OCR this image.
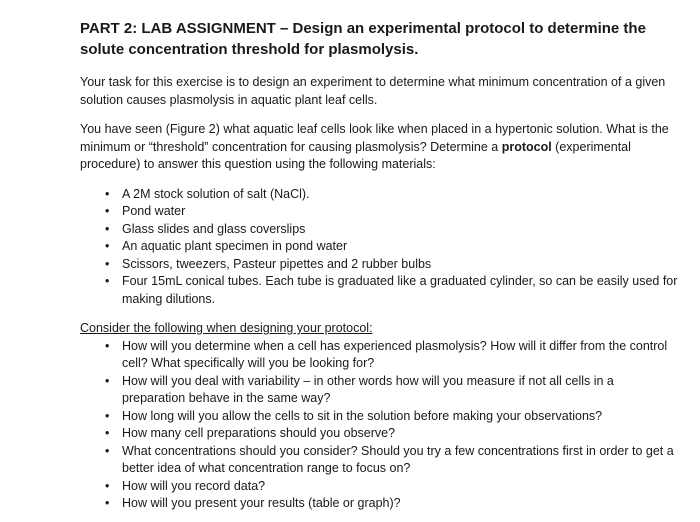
PART 2: LAB ASSIGNMENT – Design an experimental protocol to determine the solute concentration threshold for plasmolysis.

Your task for this exercise is to design an experiment to determine what minimum concentration of a given solution causes plasmolysis in aquatic plant leaf cells.

You have seen (Figure 2) what aquatic leaf cells look like when placed in a hypertonic solution. What is the minimum or “threshold” concentration for causing plasmolysis? Determine a protocol (experimental procedure) to answer this question using the following materials:

• A 2M stock solution of salt (NaCl).
• Pond water
• Glass slides and glass coverslips
• An aquatic plant specimen in pond water
• Scissors, tweezers, Pasteur pipettes and 2 rubber bulbs
• Four 15mL conical tubes. Each tube is graduated like a graduated cylinder, so can be easily used for making dilutions.

Consider the following when designing your protocol:

• How will you determine when a cell has experienced plasmolysis? How will it differ from the control cell? What specifically will you be looking for?
• How will you deal with variability – in other words how will you measure if not all cells in a preparation behave in the same way?
• How long will you allow the cells to sit in the solution before making your observations?
• How many cell preparations should you observe?
• What concentrations should you consider? Should you try a few concentrations first in order to get a better idea of what concentration range to focus on?
• How will you record data?
• How will you present your results (table or graph)?
